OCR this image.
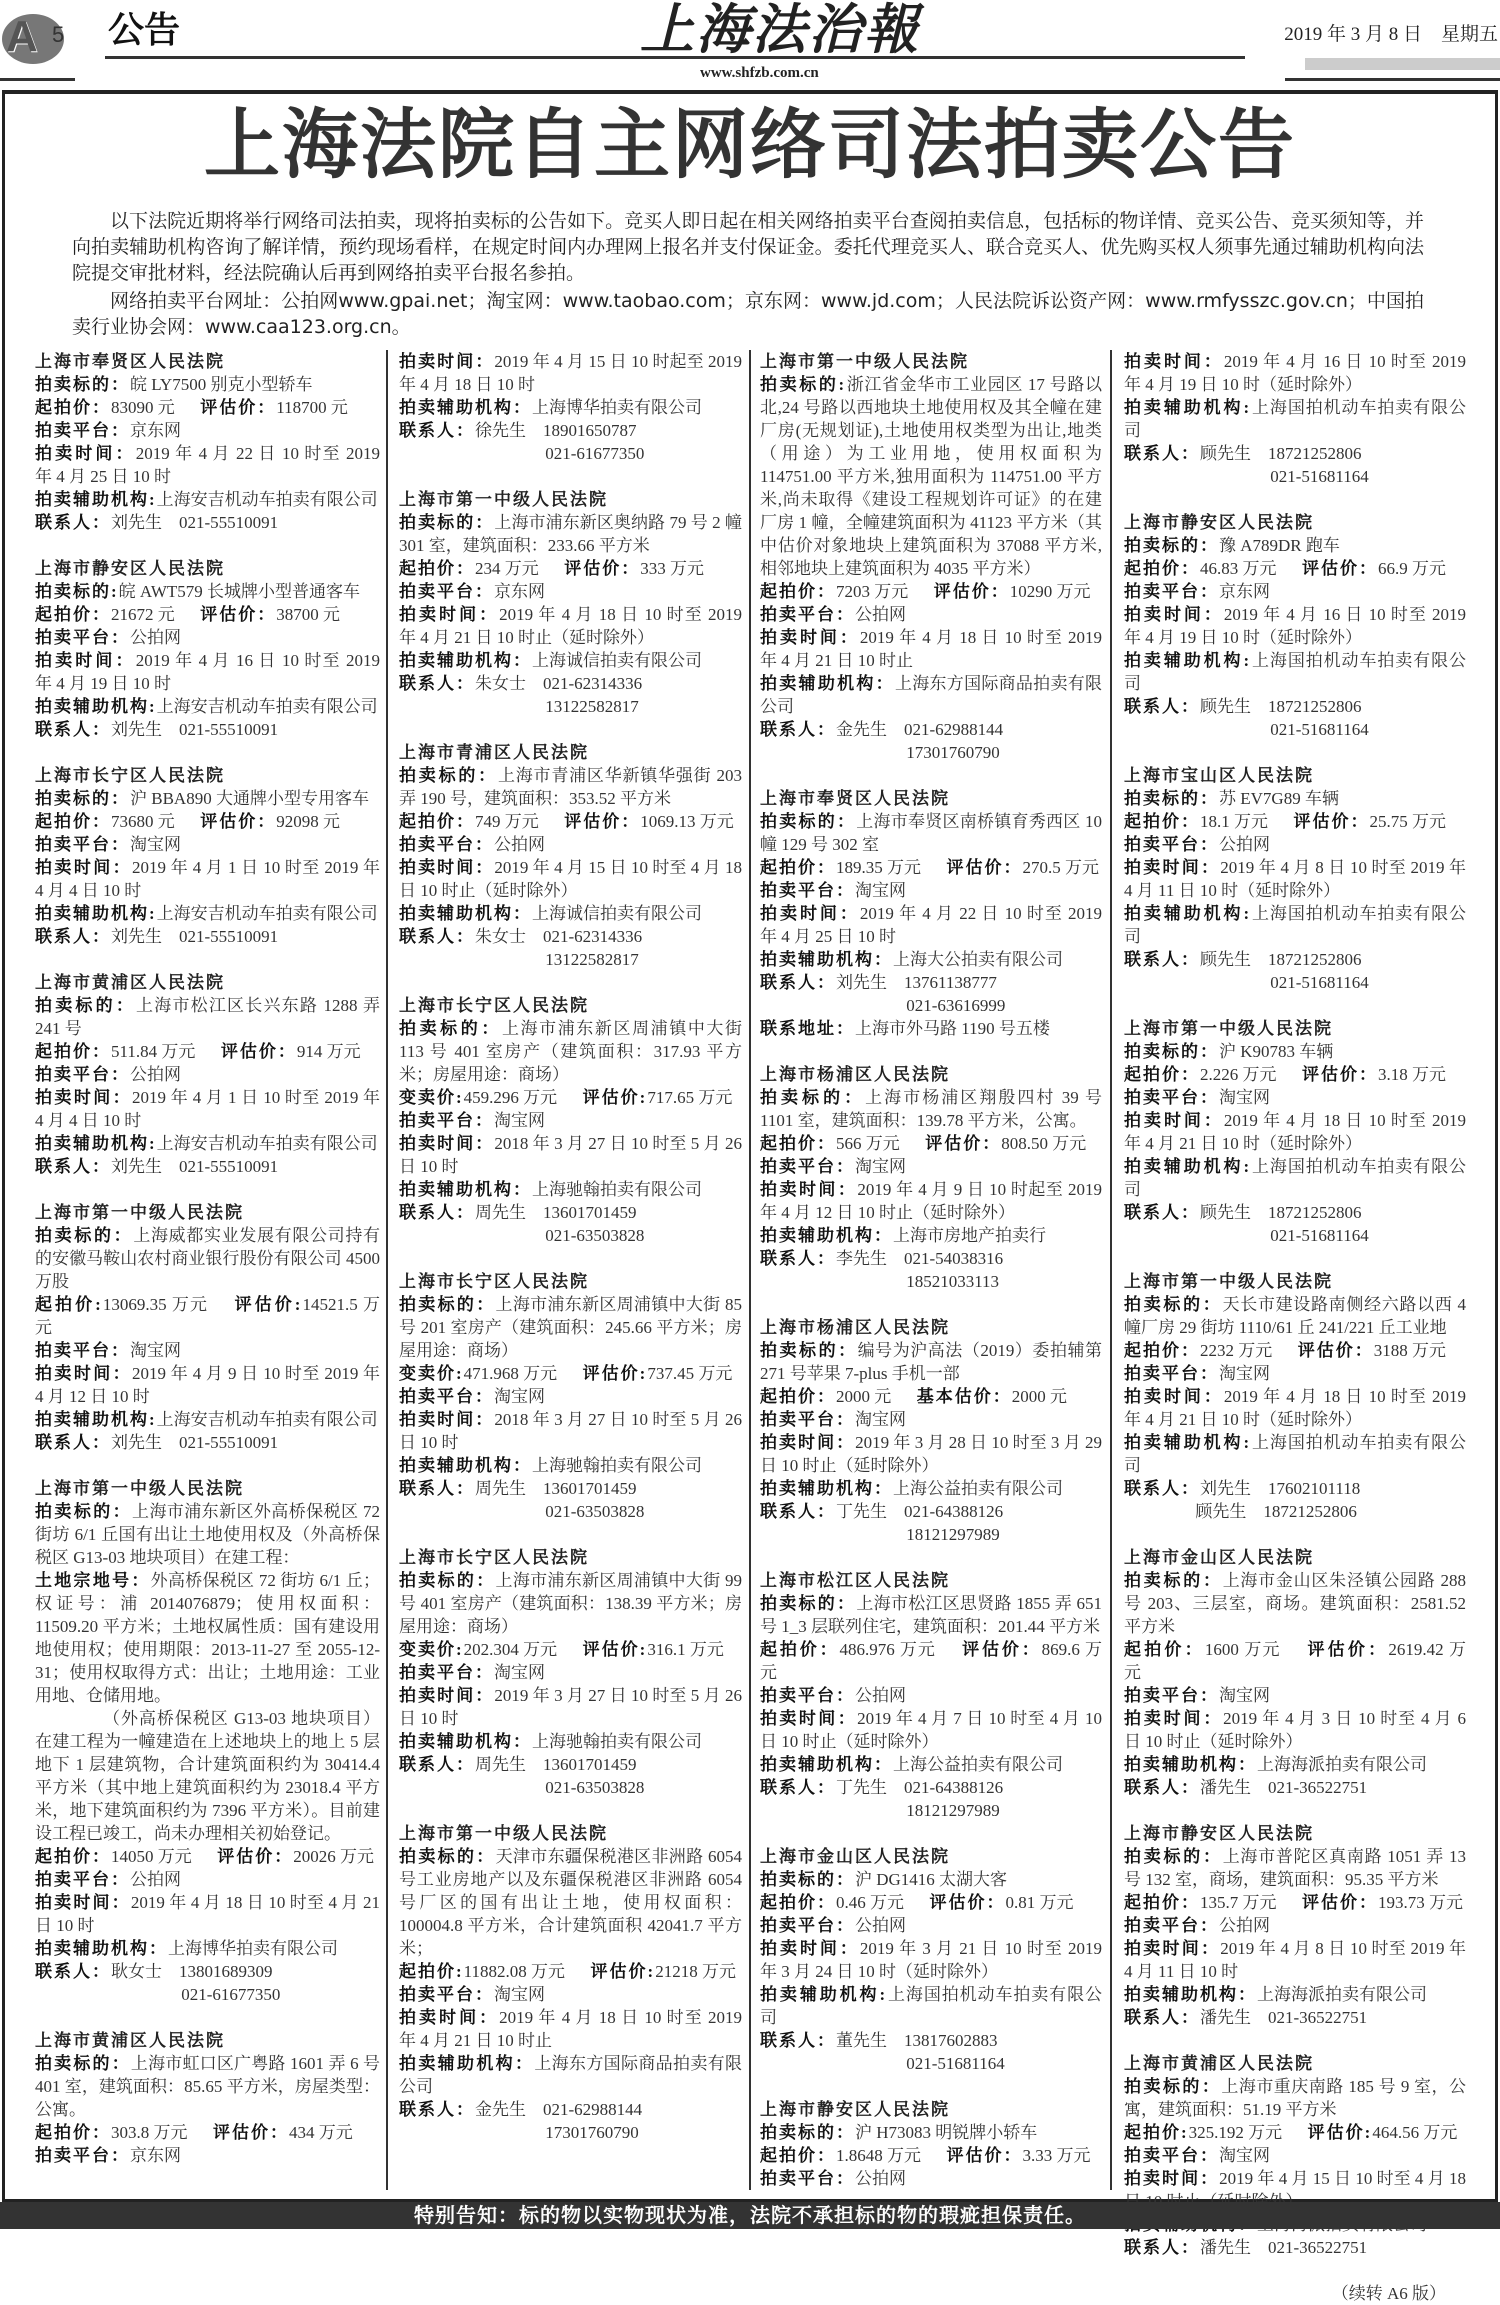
A 5 公告	上海法治報	2019 年 3 月 8 日　星期五
www.shfzb.com.cn
上海法院自主网络司法拍卖公告

以下法院近期将举行网络司法拍卖，现将拍卖标的公告如下。竞买人即日起在相关网络拍卖平台查阅拍卖信息，包括标的物详情、竞买公告、竞买须知等，并向拍卖辅助机构咨询了解详情，预约现场看样，在规定时间内办理网上报名并支付保证金。委托代理竞买人、联合竞买人、优先购买权人须事先通过辅助机构向法院提交审批材料，经法院确认后再到网络拍卖平台报名参拍。

网络拍卖平台网址：公拍网www.gpai.net；淘宝网：www.taobao.com；京东网：www.jd.com；人民法院诉讼资产网：www.rmfysszc.gov.cn；中国拍卖行业协会网：www.caa123.org.cn。

上海市奉贤区人民法院
拍卖标的：皖 LY7500 别克小型轿车
起拍价：83090 元 评估价：118700 元
拍卖平台：京东网
拍卖时间：2019 年 4 月 22 日 10 时至 2019 年 4 月 25 日 10 时
拍卖辅助机构:上海安吉机动车拍卖有限公司
联系人：刘先生　021-55510091
上海市静安区人民法院
拍卖标的:皖 AWT579 长城牌小型普通客车
起拍价：21672 元 评估价：38700 元
拍卖平台：公拍网
拍卖时间：2019 年 4 月 16 日 10 时至 2019 年 4 月 19 日 10 时
拍卖辅助机构:上海安吉机动车拍卖有限公司
联系人：刘先生　021-55510091
上海市长宁区人民法院
拍卖标的：沪 BBA890 大通牌小型专用客车
起拍价：73680 元 评估价：92098 元
拍卖平台：淘宝网
拍卖时间：2019 年 4 月 1 日 10 时至 2019 年 4 月 4 日 10 时
拍卖辅助机构:上海安吉机动车拍卖有限公司
联系人：刘先生　021-55510091
上海市黄浦区人民法院
拍卖标的：上海市松江区长兴东路 1288 弄 241 号
起拍价：511.84 万元 评估价：914 万元
拍卖平台：公拍网
拍卖时间：2019 年 4 月 1 日 10 时至 2019 年 4 月 4 日 10 时
拍卖辅助机构:上海安吉机动车拍卖有限公司
联系人：刘先生　021-55510091
上海市第一中级人民法院
拍卖标的：上海威都实业发展有限公司持有的安徽马鞍山农村商业银行股份有限公司 4500 万股
起拍价:13069.35 万元 评估价:14521.5 万元
拍卖平台：淘宝网
拍卖时间：2019 年 4 月 9 日 10 时至 2019 年 4 月 12 日 10 时
拍卖辅助机构:上海安吉机动车拍卖有限公司
联系人：刘先生　021-55510091
上海市第一中级人民法院
拍卖标的：上海市浦东新区外高桥保税区 72 街坊 6/1 丘国有出让土地使用权及（外高桥保税区 G13-03 地块项目）在建工程：
土地宗地号：外高桥保税区 72 街坊 6/1 丘；权证号：浦 2014076879；使用权面积：11509.20 平方米；土地权属性质：国有建设用地使用权；使用期限：2013-11-27 至 2055-12-31；使用权取得方式：出让；土地用途：工业用地、仓储用地。
（外高桥保税区 G13-03 地块项目）在建工程为一幢建造在上述地块上的地上 5 层地下 1 层建筑物，合计建筑面积约为 30414.4 平方米（其中地上建筑面积约为 23018.4 平方米，地下建筑面积约为 7396 平方米）。目前建设工程已竣工，尚未办理相关初始登记。
起拍价：14050 万元 评估价：20026 万元
拍卖平台：公拍网
拍卖时间：2019 年 4 月 18 日 10 时至 4 月 21 日 10 时
拍卖辅助机构：上海博华拍卖有限公司
联系人：耿女士　13801689309
021-61677350
上海市黄浦区人民法院
拍卖标的：上海市虹口区广粤路 1601 弄 6 号 401 室，建筑面积：85.65 平方米，房屋类型：公寓。
起拍价：303.8 万元 评估价：434 万元
拍卖平台：京东网
拍卖时间：2019 年 4 月 15 日 10 时起至 2019 年 4 月 18 日 10 时
拍卖辅助机构：上海博华拍卖有限公司
联系人：徐先生　18901650787
021-61677350
上海市第一中级人民法院
拍卖标的：上海市浦东新区奥纳路 79 号 2 幢 301 室，建筑面积：233.66 平方米
起拍价：234 万元 评估价：333 万元
拍卖平台：京东网
拍卖时间：2019 年 4 月 18 日 10 时至 2019 年 4 月 21 日 10 时止（延时除外）
拍卖辅助机构：上海诚信拍卖有限公司
联系人：朱女士　021-62314336
13122582817
上海市青浦区人民法院
拍卖标的：上海市青浦区华新镇华强街 203 弄 190 号，建筑面积：353.52 平方米
起拍价：749 万元 评估价：1069.13 万元
拍卖平台：公拍网
拍卖时间：2019 年 4 月 15 日 10 时至 4 月 18 日 10 时止（延时除外）
拍卖辅助机构：上海诚信拍卖有限公司
联系人：朱女士　021-62314336
13122582817
上海市长宁区人民法院
拍卖标的：上海市浦东新区周浦镇中大街 113 号 401 室房产（建筑面积：317.93 平方米；房屋用途：商场）
变卖价:459.296 万元 评估价:717.65 万元
拍卖平台：淘宝网
拍卖时间：2018 年 3 月 27 日 10 时至 5 月 26 日 10 时
拍卖辅助机构：上海驰翰拍卖有限公司
联系人：周先生　13601701459
021-63503828
上海市长宁区人民法院
拍卖标的：上海市浦东新区周浦镇中大街 85 号 201 室房产（建筑面积：245.66 平方米；房屋用途：商场）
变卖价:471.968 万元 评估价:737.45 万元
拍卖平台：淘宝网
拍卖时间：2018 年 3 月 27 日 10 时至 5 月 26 日 10 时
拍卖辅助机构：上海驰翰拍卖有限公司
联系人：周先生　13601701459
021-63503828
上海市长宁区人民法院
拍卖标的：上海市浦东新区周浦镇中大街 99 号 401 室房产（建筑面积：138.39 平方米；房屋用途：商场）
变卖价:202.304 万元 评估价:316.1 万元
拍卖平台：淘宝网
拍卖时间：2019 年 3 月 27 日 10 时至 5 月 26 日 10 时
拍卖辅助机构：上海驰翰拍卖有限公司
联系人：周先生　13601701459
021-63503828
上海市第一中级人民法院
拍卖标的：天津市东疆保税港区非洲路 6054 号工业房地产以及东疆保税港区非洲路 6054 号厂区的国有出让土地，使用权面积：100004.8 平方米，合计建筑面积 42041.7 平方米；
起拍价:11882.08 万元 评估价:21218 万元
拍卖平台：淘宝网
拍卖时间：2019 年 4 月 18 日 10 时至 2019 年 4 月 21 日 10 时止
拍卖辅助机构：上海东方国际商品拍卖有限公司
联系人：金先生　021-62988144
17301760790
上海市第一中级人民法院
拍卖标的:浙江省金华市工业园区 17 号路以北,24 号路以西地块土地使用权及其全幢在建厂房(无规划证),土地使用权类型为出让,地类（用途）为工业用地，使用权面积为 114751.00 平方米,独用面积为 114751.00 平方米,尚未取得《建设工程规划许可证》的在建厂房 1 幢，全幢建筑面积为 41123 平方米（其中估价对象地块上建筑面积为 37088 平方米,相邻地块上建筑面积为 4035 平方米）
起拍价：7203 万元 评估价：10290 万元
拍卖平台：公拍网
拍卖时间：2019 年 4 月 18 日 10 时至 2019 年 4 月 21 日 10 时止
拍卖辅助机构：上海东方国际商品拍卖有限公司
联系人：金先生　021-62988144
17301760790
上海市奉贤区人民法院
拍卖标的：上海市奉贤区南桥镇育秀西区 10 幢 129 号 302 室
起拍价：189.35 万元 评估价：270.5 万元
拍卖平台：淘宝网
拍卖时间：2019 年 4 月 22 日 10 时至 2019 年 4 月 25 日 10 时
拍卖辅助机构：上海大公拍卖有限公司
联系人：刘先生　13761138777
021-63616999
联系地址：上海市外马路 1190 号五楼
上海市杨浦区人民法院
拍卖标的：上海市杨浦区翔殷四村 39 号 1101 室，建筑面积：139.78 平方米，公寓。
起拍价：566 万元 评估价：808.50 万元
拍卖平台：淘宝网
拍卖时间：2019 年 4 月 9 日 10 时起至 2019 年 4 月 12 日 10 时止（延时除外）
拍卖辅助机构：上海市房地产拍卖行
联系人：李先生　021-54038316
18521033113
上海市杨浦区人民法院
拍卖标的：编号为沪高法（2019）委拍辅第 271 号苹果 7-plus 手机一部
起拍价：2000 元 基本估价：2000 元
拍卖平台：淘宝网
拍卖时间：2019 年 3 月 28 日 10 时至 3 月 29 日 10 时止（延时除外）
拍卖辅助机构：上海公益拍卖有限公司
联系人：丁先生　021-64388126
18121297989
上海市松江区人民法院
拍卖标的：上海市松江区思贤路 1855 弄 651 号 1_3 层联列住宅，建筑面积：201.44 平方米
起拍价：486.976 万元 评估价：869.6 万元
拍卖平台：公拍网
拍卖时间：2019 年 4 月 7 日 10 时至 4 月 10 日 10 时止（延时除外）
拍卖辅助机构：上海公益拍卖有限公司
联系人：丁先生　021-64388126
18121297989
上海市金山区人民法院
拍卖标的：沪 DG1416 太湖大客
起拍价：0.46 万元 评估价：0.81 万元
拍卖平台：公拍网
拍卖时间：2019 年 3 月 21 日 10 时至 2019 年 3 月 24 日 10 时（延时除外）
拍卖辅助机构:上海国拍机动车拍卖有限公司
联系人：董先生　13817602883
021-51681164
上海市静安区人民法院
拍卖标的：沪 H73083 明锐牌小轿车
起拍价：1.8648 万元 评估价：3.33 万元
拍卖平台：公拍网
拍卖时间：2019 年 4 月 16 日 10 时至 2019 年 4 月 19 日 10 时（延时除外）
拍卖辅助机构:上海国拍机动车拍卖有限公司
联系人：顾先生　18721252806
021-51681164
上海市静安区人民法院
拍卖标的：豫 A789DR 跑车
起拍价：46.83 万元 评估价：66.9 万元
拍卖平台：京东网
拍卖时间：2019 年 4 月 16 日 10 时至 2019 年 4 月 19 日 10 时（延时除外）
拍卖辅助机构:上海国拍机动车拍卖有限公司
联系人：顾先生　18721252806
021-51681164
上海市宝山区人民法院
拍卖标的：苏 EV7G89 车辆
起拍价：18.1 万元 评估价：25.75 万元
拍卖平台：公拍网
拍卖时间：2019 年 4 月 8 日 10 时至 2019 年 4 月 11 日 10 时（延时除外）
拍卖辅助机构:上海国拍机动车拍卖有限公司
联系人：顾先生　18721252806
021-51681164
上海市第一中级人民法院
拍卖标的：沪 K90783 车辆
起拍价：2.226 万元 评估价：3.18 万元
拍卖平台：淘宝网
拍卖时间：2019 年 4 月 18 日 10 时至 2019 年 4 月 21 日 10 时（延时除外）
拍卖辅助机构:上海国拍机动车拍卖有限公司
联系人：顾先生　18721252806
021-51681164
上海市第一中级人民法院
拍卖标的：天长市建设路南侧经六路以西 4 幢厂房 29 街坊 1110/61 丘 241/221 丘工业地
起拍价：2232 万元 评估价：3188 万元
拍卖平台：淘宝网
拍卖时间：2019 年 4 月 18 日 10 时至 2019 年 4 月 21 日 10 时（延时除外）
拍卖辅助机构:上海国拍机动车拍卖有限公司
联系人：刘先生　17602101118
顾先生　18721252806
上海市金山区人民法院
拍卖标的：上海市金山区朱泾镇公园路 288 号 203、三层室，商场。建筑面积：2581.52 平方米
起拍价：1600 万元 评估价：2619.42 万元
拍卖平台：淘宝网
拍卖时间：2019 年 4 月 3 日 10 时至 4 月 6 日 10 时止（延时除外）
拍卖辅助机构：上海海派拍卖有限公司
联系人：潘先生　021-36522751
上海市静安区人民法院
拍卖标的：上海市普陀区真南路 1051 弄 13 号 132 室，商场，建筑面积：95.35 平方米
起拍价：135.7 万元 评估价：193.73 万元
拍卖平台：公拍网
拍卖时间：2019 年 4 月 8 日 10 时至 2019 年 4 月 11 日 10 时
拍卖辅助机构：上海海派拍卖有限公司
联系人：潘先生　021-36522751
上海市黄浦区人民法院
拍卖标的：上海市重庆南路 185 号 9 室，公寓，建筑面积：51.19 平方米
起拍价:325.192 万元 评估价:464.56 万元
拍卖平台：淘宝网
拍卖时间：2019 年 4 月 15 日 10 时至 4 月 18
联系人：潘先生　021-36522751
（续转 A6 版）
特别告知：标的物以实物现状为准，法院不承担标的物的瑕疵担保责任。
